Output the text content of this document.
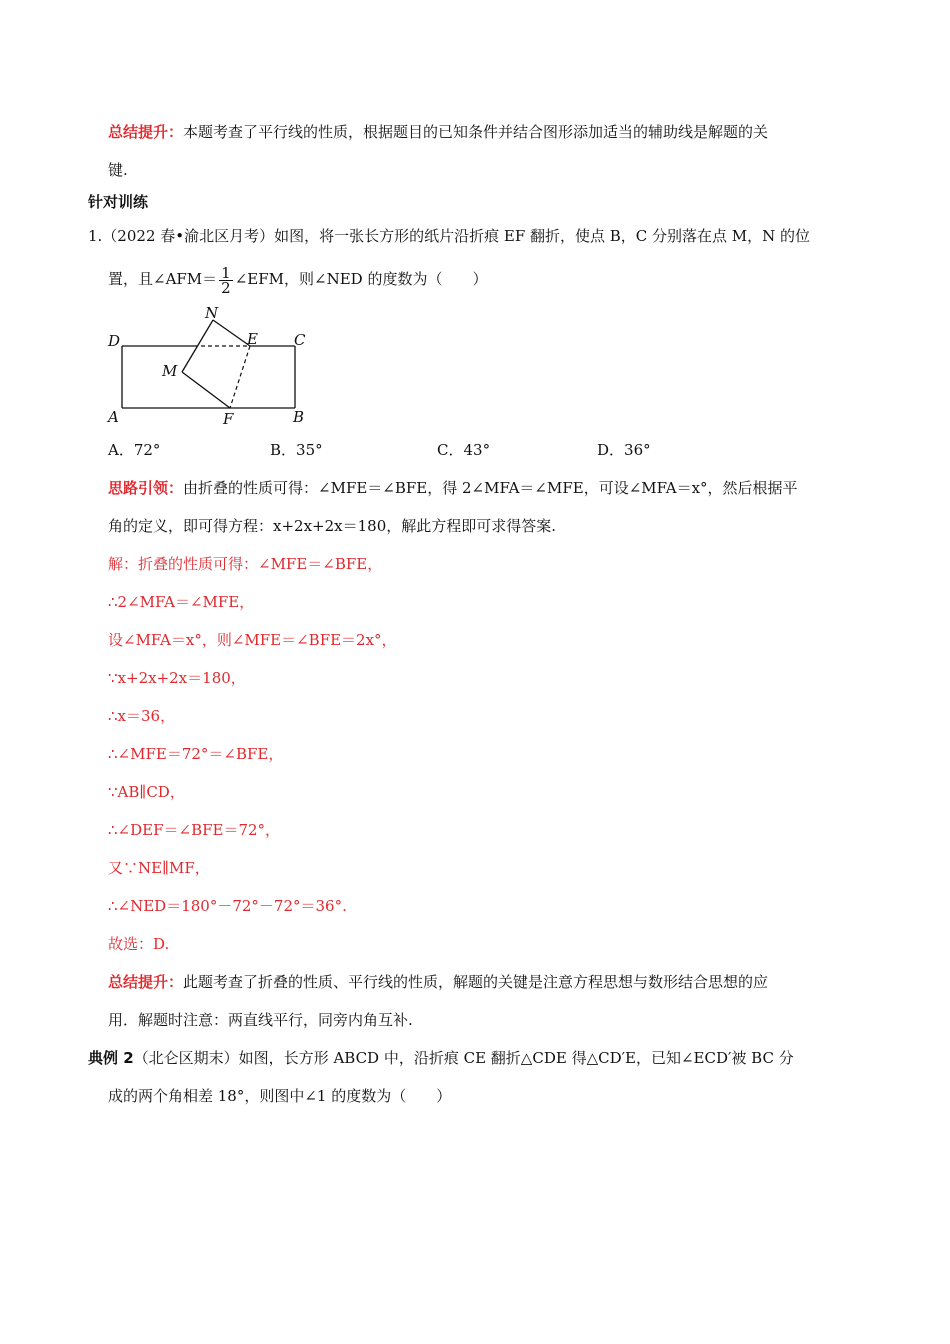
总结提升：本题考查了平行线的性质，根据题目的已知条件并结合图形添加适当的辅助线是解题的关
键.
针对训练
1.（2022 春•渝北区月考）如图，将一张长方形的纸片沿折痕 EF 翻折，使点 B，C 分别落在点 M，N 的位
置，且∠AFM＝ $\frac{1}{2}$ ∠EFM，则∠NED 的度数为（　　）
D	C
A	B
N
E
M
F
A．72°	B．35°	C．43°	D．36°
思路引领：由折叠的性质可得：∠MFE＝∠BFE，得 2∠MFA＝∠MFE，可设∠MFA＝x°，然后根据平
角的定义，即可得方程：x+2x+2x＝180，解此方程即可求得答案.
解：折叠的性质可得：∠MFE＝∠BFE，
∴2∠MFA＝∠MFE，
设∠MFA＝x°，则∠MFE＝∠BFE＝2x°，
∵x+2x+2x＝180，
∴x＝36，
∴∠MFE＝72°＝∠BFE，
∵AB∥CD，
∴∠DEF＝∠BFE＝72°，
又∵NE∥MF，
∴∠NED＝180°－72°－72°＝36°.
故选：D.
总结提升：此题考查了折叠的性质、平行线的性质，解题的关键是注意方程思想与数形结合思想的应
用．解题时注意：两直线平行，同旁内角互补.
典例 2（北仑区期末）如图，长方形 ABCD 中，沿折痕 CE 翻折△CDE 得△CD′E，已知∠ECD′被 BC 分
成的两个角相差 18°，则图中∠1 的度数为（　　）
